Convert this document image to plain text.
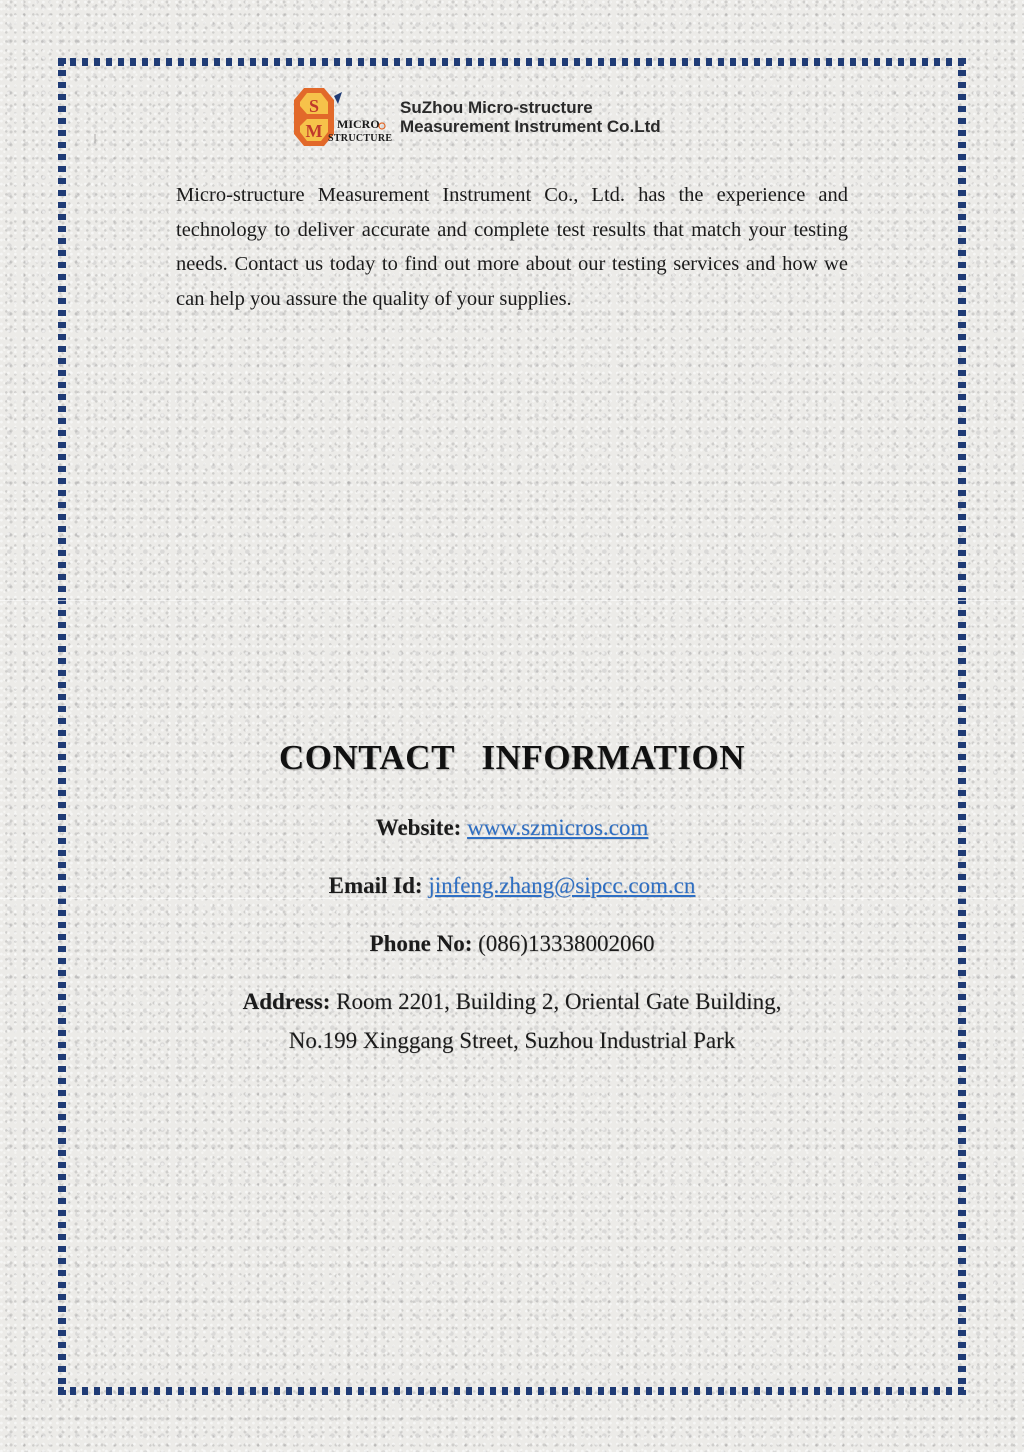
|
S
M MICRO
STRUCTURE
SuZhou Micro-structure
Measurement Instrument Co.Ltd

Micro-structure Measurement Instrument Co., Ltd. has the experience and technology to deliver accurate and complete test results that match your testing needs. Contact us today to find out more about our testing services and how we can help you assure the quality of your supplies.

CONTACT INFORMATION

Website: www.szmicros.com

Email Id: jinfeng.zhang@sipcc.com.cn

Phone No: (086)13338002060

Address: Room 2201, Building 2, Oriental Gate Building,

No.199 Xinggang Street, Suzhou Industrial Park
